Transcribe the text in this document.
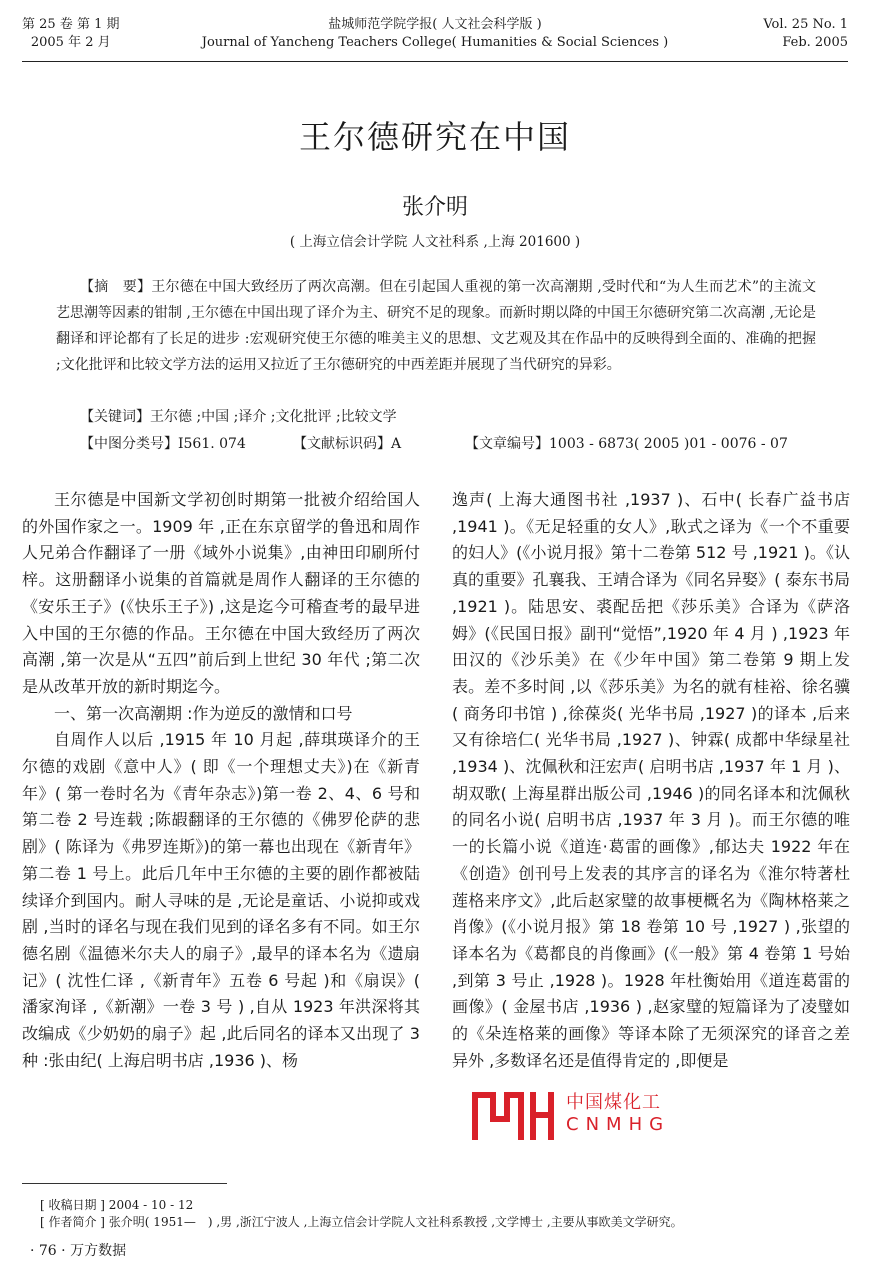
第 25 卷 第 1 期
2005 年 2 月
盐城师范学院学报( 人文社会科学版 )
Journal of Yancheng Teachers College( Humanities & Social Sciences )
Vol. 25 No. 1
Feb. 2005
王尔德研究在中国
张介明
( 上海立信会计学院 人文社科系 ,上海 201600 )
【摘　要】王尔德在中国大致经历了两次高潮。但在引起国人重视的第一次高潮期 ,受时代和“为人生而艺术”的主流文艺思潮等因素的钳制 ,王尔德在中国出现了译介为主、研究不足的现象。而新时期以降的中国王尔德研究第二次高潮 ,无论是翻译和评论都有了长足的进步 :宏观研究使王尔德的唯美主义的思想、文艺观及其在作品中的反映得到全面的、准确的把握 ;文化批评和比较文学方法的运用又拉近了王尔德研究的中西差距并展现了当代研究的异彩。
【关键词】王尔德 ;中国 ;译介 ;文化批评 ;比较文学
【中图分类号】I561. 074	【文献标识码】A	【文章编号】1003 - 6873( 2005 )01 - 0076 - 07

王尔德是中国新文学初创时期第一批被介绍给国人的外国作家之一。1909 年 ,正在东京留学的鲁迅和周作人兄弟合作翻译了一册《域外小说集》,由神田印刷所付梓。这册翻译小说集的首篇就是周作人翻译的王尔德的《安乐王子》(《快乐王子》) ,这是迄今可稽查考的最早进入中国的王尔德的作品。王尔德在中国大致经历了两次高潮 ,第一次是从“五四”前后到上世纪 30 年代 ;第二次是从改革开放的新时期迄今。

一、第一次高潮期 :作为逆反的激情和口号

自周作人以后 ,1915 年 10 月起 ,薛琪瑛译介的王尔德的戏剧《意中人》( 即《一个理想丈夫》)在《新青年》( 第一卷时名为《青年杂志》)第一卷 2、4、6 号和第二卷 2 号连载 ;陈嘏翻译的王尔德的《佛罗伦萨的悲剧》( 陈译为《弗罗连斯》)的第一幕也出现在《新青年》第二卷 1 号上。此后几年中王尔德的主要的剧作都被陆续译介到国内。耐人寻味的是 ,无论是童话、小说抑或戏剧 ,当时的译名与现在我们见到的译名多有不同。如王尔德名剧《温德米尔夫人的扇子》,最早的译本名为《遗扇记》( 沈性仁译 ,《新青年》五卷 6 号起 )和《扇误》( 潘家洵译 ,《新潮》一卷 3 号 ) ,自从 1923 年洪深将其改编成《少奶奶的扇子》起 ,此后同名的译本又出现了 3 种 :张由纪( 上海启明书店 ,1936 )、杨

逸声( 上海大通图书社 ,1937 )、石中( 长春广益书店 ,1941 )。《无足轻重的女人》,耿式之译为《一个不重要的妇人》(《小说月报》第十二卷第 512 号 ,1921 )。《认真的重要》孔襄我、王靖合译为《同名异娶》( 泰东书局 ,1921 )。陆思安、裘配岳把《莎乐美》合译为《萨洛姆》(《民国日报》副刊“觉悟”,1920 年 4 月 ) ,1923 年田汉的《沙乐美》在《少年中国》第二卷第 9 期上发表。差不多时间 ,以《莎乐美》为名的就有桂裕、徐名骥( 商务印书馆 ) ,徐葆炎( 光华书局 ,1927 )的译本 ,后来又有徐培仁( 光华书局 ,1927 )、钟霖( 成都中华绿星社 ,1934 )、沈佩秋和汪宏声( 启明书店 ,1937 年 1 月 )、胡双歌( 上海星群出版公司 ,1946 )的同名译本和沈佩秋的同名小说( 启明书店 ,1937 年 3 月 )。而王尔德的唯一的长篇小说《道连·葛雷的画像》,郁达夫 1922 年在《创造》创刊号上发表的其序言的译名为《淮尔特著杜莲格来序文》,此后赵家璧的故事梗概名为《陶林格莱之肖像》(《小说月报》第 18 卷第 10 号 ,1927 ) ,张望的译本名为《葛都良的肖像画》(《一般》第 4 卷第 1 号始 ,到第 3 号止 ,1928 )。1928 年杜衡始用《道连葛雷的画像》( 金屋书店 ,1936 ) ,赵家璧的短篇译为了凌璧如的《朵连格莱的画像》等译本除了无须深究的译音之差异外 ,多数译名还是值得肯定的 ,即便是

中国煤化工
CNMHG
[ 收稿日期 ] 2004 - 10 - 12
[ 作者简介 ] 张介明( 1951—　) ,男 ,浙江宁波人 ,上海立信会计学院人文社科系教授 ,文学博士 ,主要从事欧美文学研究。
· 76 · 万方数据
